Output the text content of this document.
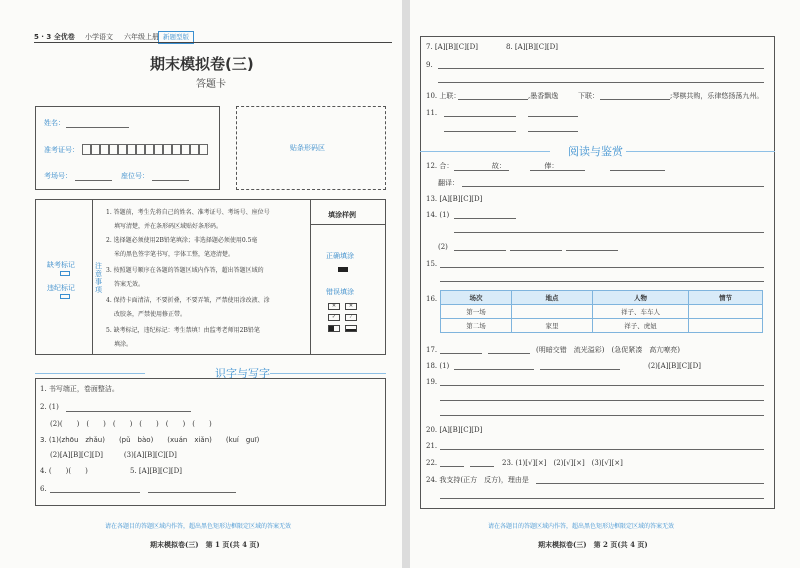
5 · 3 全优卷 小学语文 六年级上册 新题型版
期末模拟卷(三)
答题卡
姓名：
准考证号：
考场号：	座位号：
贴条形码区
缺考标记
违纪标记
注意事项
1. 答题前，考生先将自己的姓名、准考证号、考场号、座位号
填写清楚，并在条形码区域贴好条形码。
2. 选择题必须使用2B铅笔填涂；非选择题必须使用0.5毫
米的黑色签字笔书写，字体工整，笔迹清楚。
3. 按照题号顺序在各题的答题区域内作答，超出答题区域的
答案无效。
4. 保持卡面清洁，不要折叠，不要弄皱，严禁使用涂改液、涂
改胶条，严禁使用修正带。
5. 缺考标记，违纪标记：考生禁填！由监考老师用2B铅笔
填涂。
填涂样例
正确填涂
错误填涂
✕	✕
✓	⁄
识字与写字
1. 书写端正，卷面整洁。
2. (1)
(2)(　　)　(　　)　(　　)　(　　)　(　　)　(　　)
3. (1)(zhōu　zhǎu)　　(pǔ　bào)　　(xuán　xiǎn)　　(kuí　guī)
(2)[A][B][C][D]　　　(3)[A][B][C][D]
4. (　　)(　　)	5. [A][B][C][D]
6.
请在各题目的答题区域内作答，超出黑色矩形边框限定区域的答案无效
期末模拟卷(三)　第 1 页(共 4 页)
7. [A][B][C][D]	8. [A][B][C][D]
9.
10. 上联：	,墨香飘逸	下联：	;琴棋共购，乐律悠扬荡九州。
11.
阅读与鉴赏
12. 合：　　　　　　故：　　　　　　俸：　　　　　　
翻译：
13. [A][B][C][D]
14. (1)
(2)
15.
16.	场次	地点	人物	情节
第一场		祥子、车车人	
第二场	家里	祥子、虎妞	
17.	(明暗交错　流光溢彩)　(急促紧凑　高亢嘹亮)
18. (1)	(2)[A][B][C][D]
19.
20. [A][B][C][D]
21.
22.	23. (1)[√][×]　(2)[√][×]　(3)[√][×]
24. 我支持(正方　反方)，理由是
请在各题目的答题区域内作答，超出黑色矩形边框限定区域的答案无效
期末模拟卷(三)　第 2 页(共 4 页)
